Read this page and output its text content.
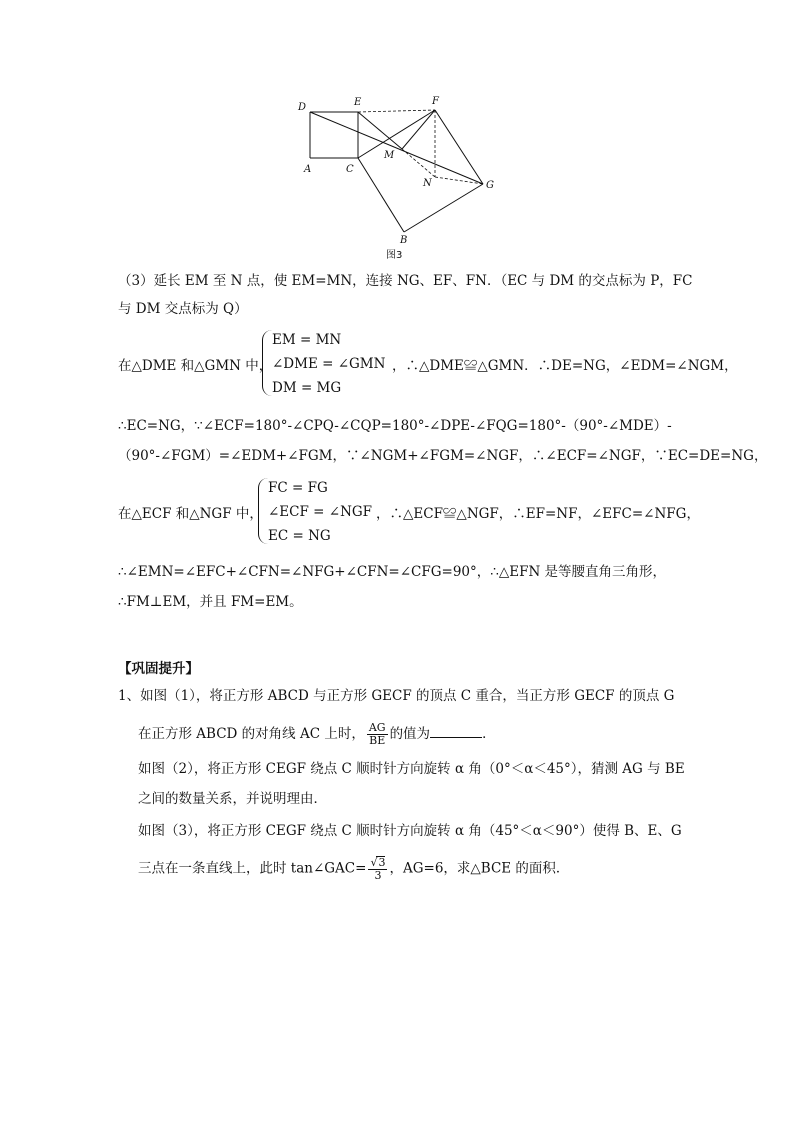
D	E	F
A	C
M
N	G
B
图3
（3）延长 EM 至 N 点，使 EM=MN，连接 NG、EF、FN．（EC 与 DM 的交点标为 P，FC
与 DM 交点标为 Q）
在△DME 和△GMN 中，
EM = MN
∠DME = ∠GMN
DM = MG
，∴△DME≌△GMN．∴DE=NG，∠EDM=∠NGM，
∴EC=NG，∵∠ECF=180°-∠CPQ-∠CQP=180°-∠DPE-∠FQG=180°-（90°-∠MDE）-
（90°-∠FGM）=∠EDM+∠FGM，∵∠NGM+∠FGM=∠NGF，∴∠ECF=∠NGF，∵EC=DE=NG，
在△ECF 和△NGF 中，
FC = FG
∠ECF = ∠NGF
EC = NG
，∴△ECF≌△NGF，∴EF=NF，∠EFC=∠NFG，
∴∠EMN=∠EFC+∠CFN=∠NFG+∠CFN=∠CFG=90°，∴△EFN 是等腰直角三角形，
∴FM⊥EM，并且 FM=EM。
【巩固提升】
1、如图（1），将正方形 ABCD 与正方形 GECF 的顶点 C 重合，当正方形 GECF 的顶点 G
在正方形 ABCD 的对角线 AC 上时， $\frac{AG}{BE}$ 的值为	．
如图（2），将正方形 CEGF 绕点 C 顺时针方向旋转 α 角（0°＜α＜45°），猜测 AG 与 BE
之间的数量关系，并说明理由．
如图（3），将正方形 CEGF 绕点 C 顺时针方向旋转 α 角（45°＜α＜90°）使得 B、E、G
三点在一条直线上，此时 tan∠GAC= $\frac{√3}{3}$ ，AG=6，求△BCE 的面积．
